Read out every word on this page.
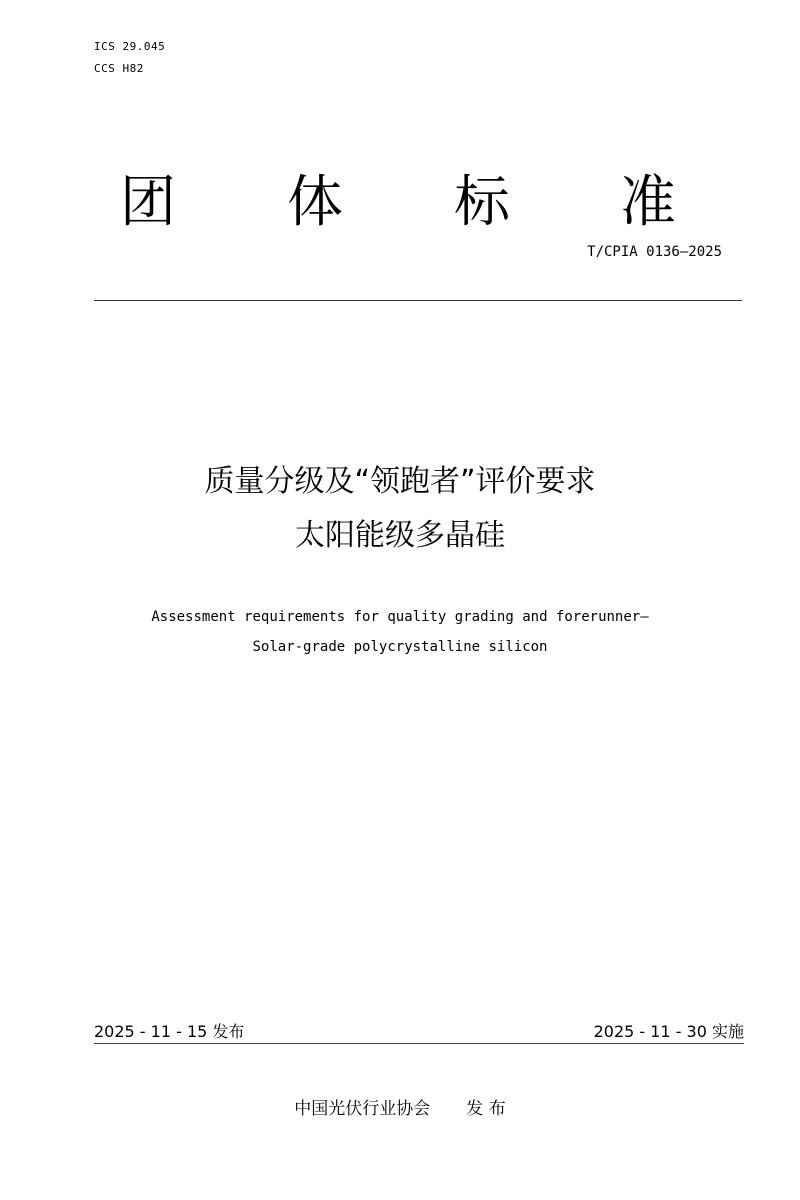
ICS 29.045
CCS H82
团 体 标 准
T/CPIA 0136—2025
质量分级及“领跑者”评价要求
太阳能级多晶硅
Assessment requirements for quality grading and forerunner—
Solar-grade polycrystalline silicon
2025 - 11 - 15 发布	2025 - 11 - 30 实施
中国光伏行业协会 发 布
